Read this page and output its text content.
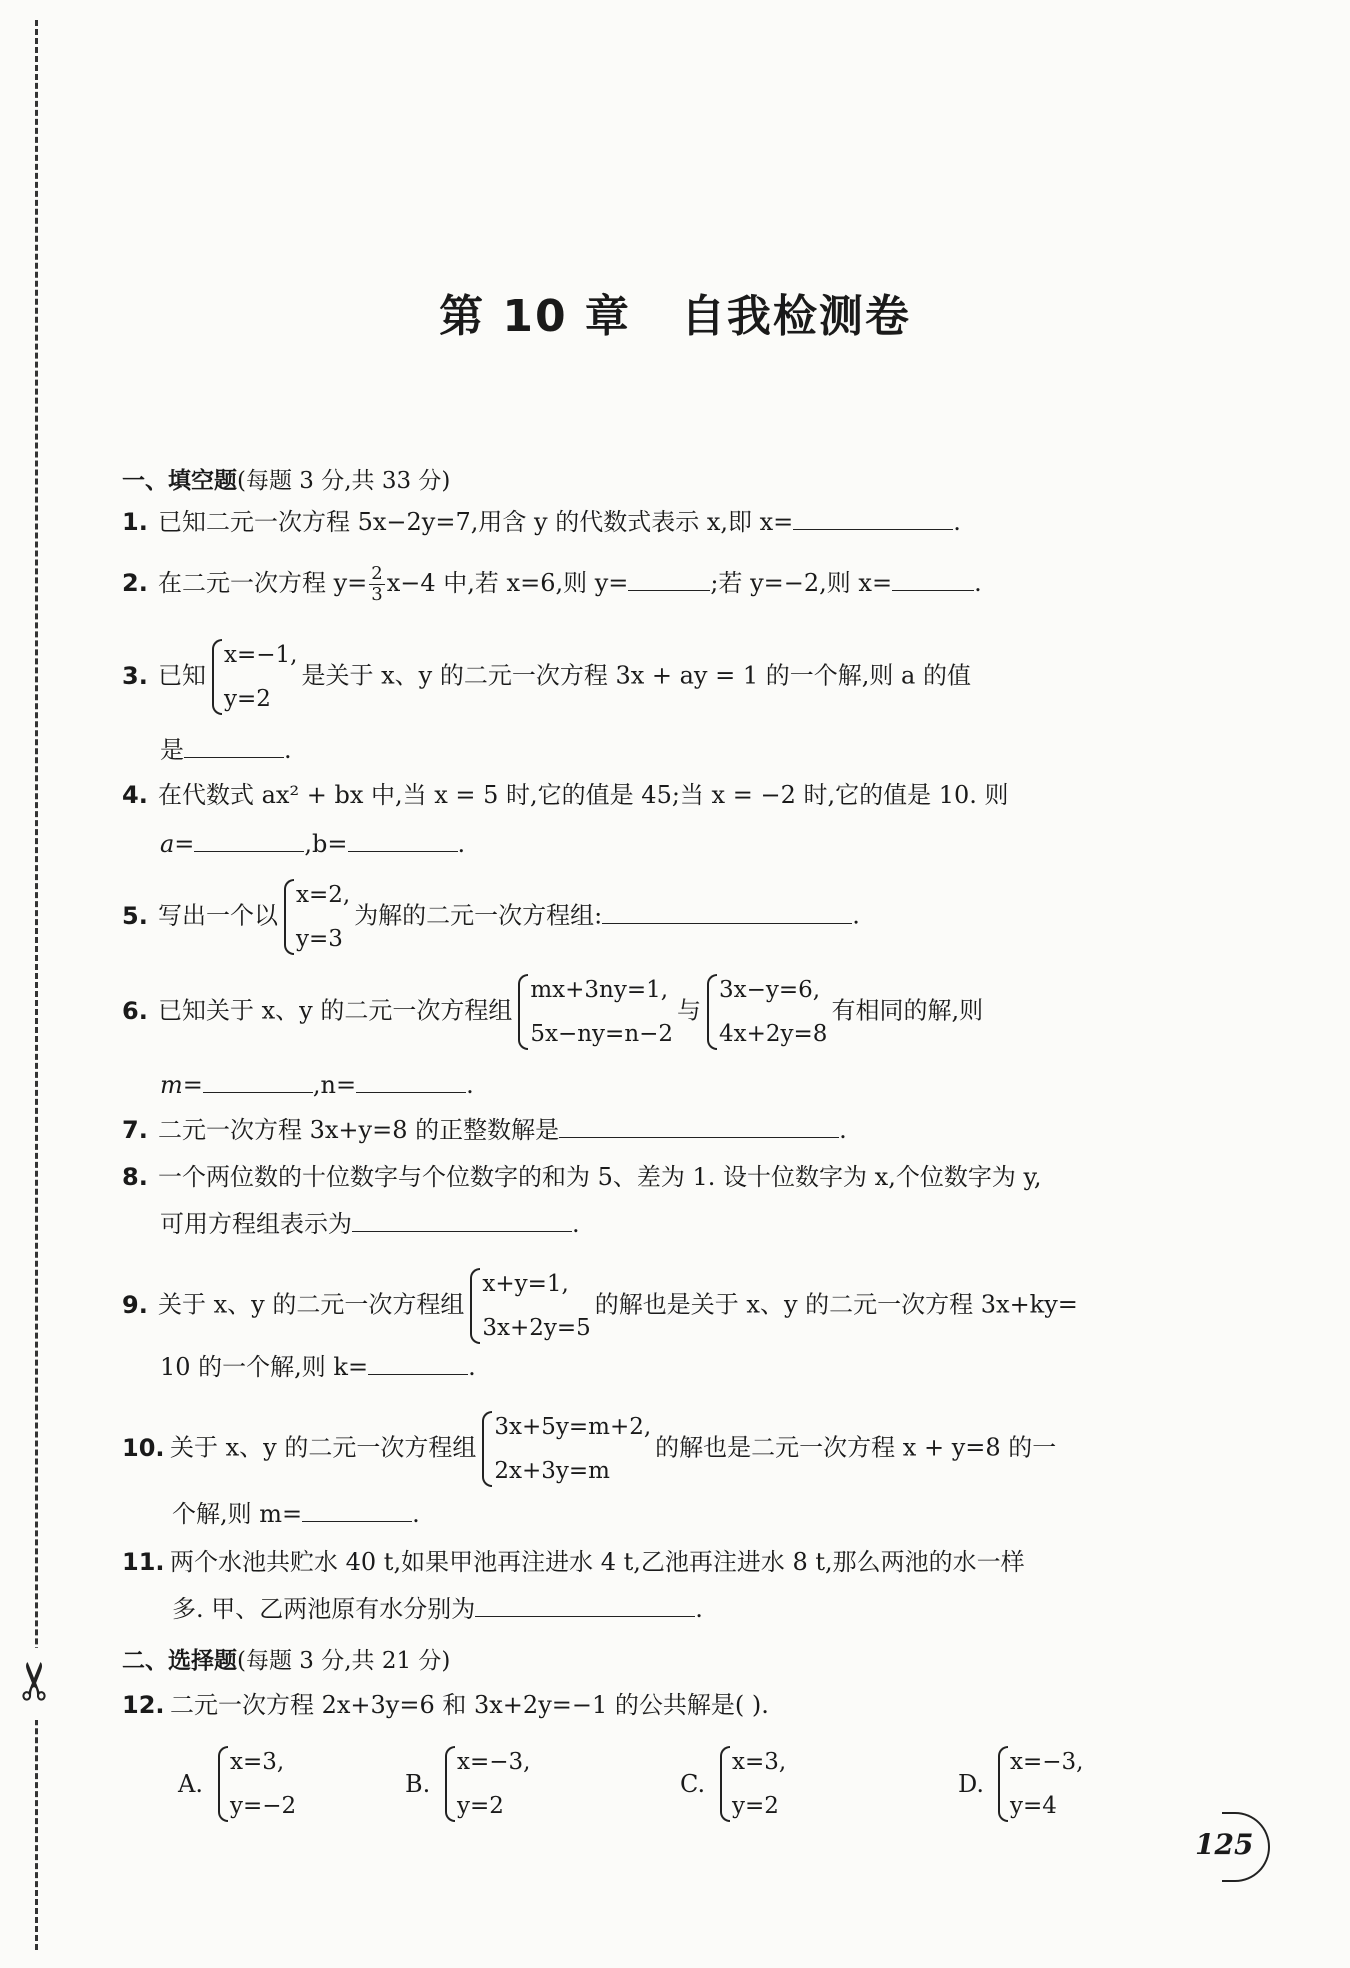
✂
第 10 章 自我检测卷
一、填空题(每题 3 分,共 33 分)
1. 已知二元一次方程 5x−2y=7,用含 y 的代数式表示 x,即 x=	.
2. 在二元一次方程 $y= \frac{2}{3} x-4$ 中,若 x=6,则 y=	;若 y=−2,则 x=	.
3. 已知
x=−1,
y=2
是关于 x、y 的二元一次方程 3x + ay = 1 的一个解,则 a 的值
是	.
4. 在代数式 ax² + bx 中,当 x = 5 时,它的值是 45;当 x = −2 时,它的值是 10. 则
a=	,b=	.
5. 写出一个以
x=2,
y=3
为解的二元一次方程组:	.
6. 已知关于 x、y 的二元一次方程组
mx+3ny=1,
5x−ny=n−2
与
3x−y=6,
4x+2y=8
有相同的解,则
m=	,n=	.
7. 二元一次方程 3x+y=8 的正整数解是	.
8. 一个两位数的十位数字与个位数字的和为 5、差为 1. 设十位数字为 x,个位数字为 y,
可用方程组表示为	.
9. 关于 x、y 的二元一次方程组
x+y=1,
3x+2y=5
的解也是关于 x、y 的二元一次方程 3x+ky=
10 的一个解,则 k=	.
10. 关于 x、y 的二元一次方程组
3x+5y=m+2,
2x+3y=m
的解也是二元一次方程 x + y=8 的一
个解,则 m=	.
11. 两个水池共贮水 40 t,如果甲池再注进水 4 t,乙池再注进水 8 t,那么两池的水一样
多. 甲、乙两池原有水分别为	.
二、选择题(每题 3 分,共 21 分)
12. 二元一次方程 2x+3y=6 和 3x+2y=−1 的公共解是( ).
A.
x=3,
y=−2
B.
x=−3,
y=2
C.
x=3,
y=2
D.
x=−3,
y=4
125
